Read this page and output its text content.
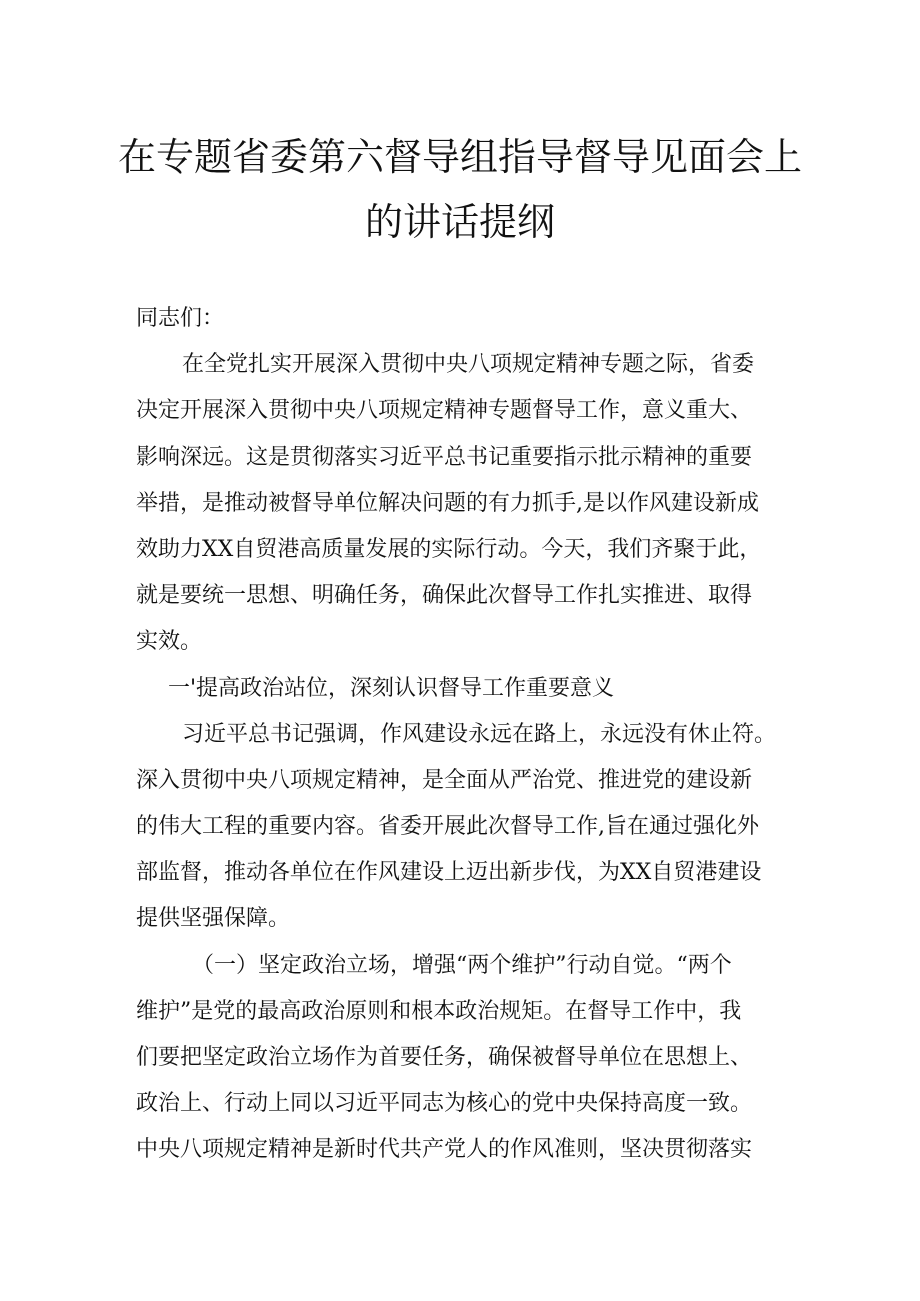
在专题省委第六督导组指导督导见面会上
的讲话提纲
同志们：
在全党扎实开展深入贯彻中央八项规定精神专题之际，省委
决定开展深入贯彻中央八项规定精神专题督导工作，意义重大、
影响深远。这是贯彻落实习近平总书记重要指示批示精神的重要
举措，是推动被督导单位解决问题的有力抓手,是以作风建设新成
效助力XX自贸港高质量发展的实际行动。今天，我们齐聚于此，
就是要统一思想、明确任务，确保此次督导工作扎实推进、取得
实效。
一'提高政治站位，深刻认识督导工作重要意义
习近平总书记强调，作风建设永远在路上，永远没有休止符。
深入贯彻中央八项规定精神，是全面从严治党、推进党的建设新
的伟大工程的重要内容。省委开展此次督导工作,旨在通过强化外
部监督，推动各单位在作风建设上迈出新步伐，为XX自贸港建设
提供坚强保障。
（一）坚定政治立场，增强“两个维护”行动自觉。“两个
维护”是党的最高政治原则和根本政治规矩。在督导工作中，我
们要把坚定政治立场作为首要任务，确保被督导单位在思想上、
政治上、行动上同以习近平同志为核心的党中央保持高度一致。
中央八项规定精神是新时代共产党人的作风准则，坚决贯彻落实
